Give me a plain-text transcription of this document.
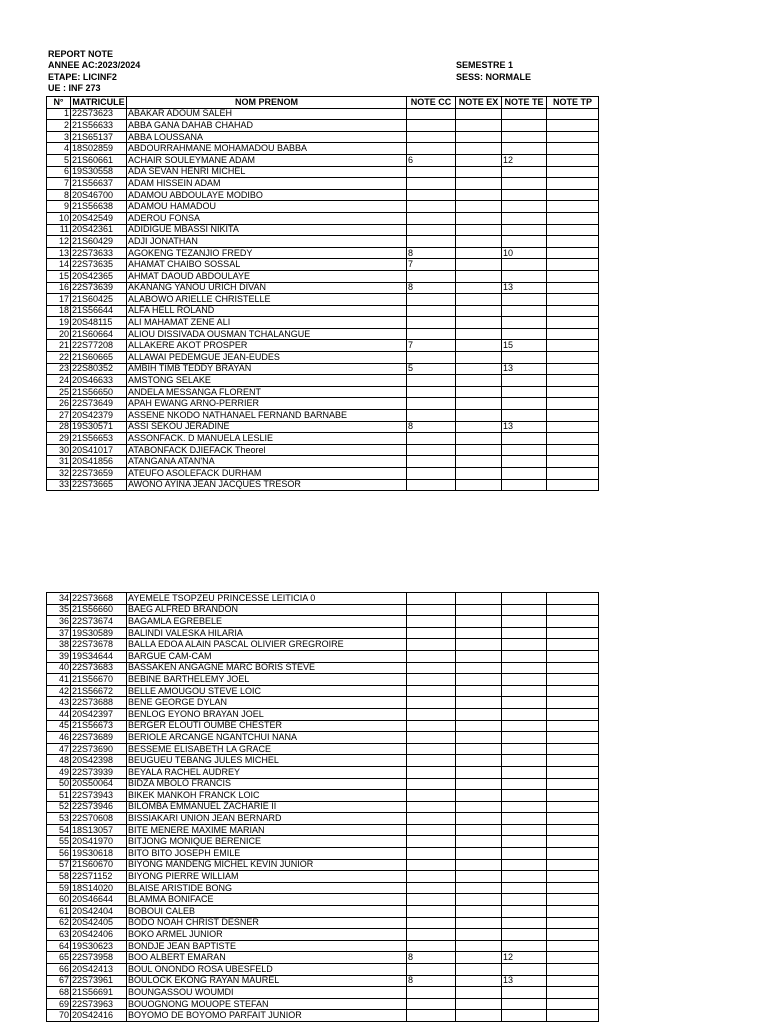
REPORT NOTE
ANNEE AC:2023/2024
ETAPE: LICINF2
UE : INF 273
SEMESTRE 1
SESS: NORMALE
N°	MATRICULE	NOM PRENOM	NOTE CC	NOTE EX	NOTE TE	NOTE TP
1	22S73623	ABAKAR ADOUM SALEH				
2	21S56633	ABBA GANA DAHAB CHAHAD				
3	21S65137	ABBA LOUSSANA				
4	18S02859	ABDOURRAHMANE MOHAMADOU BABBA				
5	21S60661	ACHAIR SOULEYMANE ADAM	6		12	
6	19S30558	ADA SEVAN HENRI MICHEL				
7	21S56637	ADAM HISSEIN ADAM				
8	20S46700	ADAMOU ABDOULAYE MODIBO				
9	21S56638	ADAMOU HAMADOU				
10	20S42549	ADEROU FONSA				
11	20S42361	ADIDIGUE MBASSI NIKITA				
12	21S60429	ADJI JONATHAN				
13	22S73633	AGOKENG TEZANJIO FREDY	8		10	
14	22S73635	AHAMAT CHAIBO SOSSAL	7			
15	20S42365	AHMAT DAOUD ABDOULAYE				
16	22S73639	AKANANG YANOU URICH DIVAN	8		13	
17	21S60425	ALABOWO ARIELLE CHRISTELLE				
18	21S56644	ALFA HELL ROLAND				
19	20S48115	ALI MAHAMAT ZENE ALI				
20	21S60664	ALIOU DISSIVADA OUSMAN TCHALANGUE				
21	22S77208	ALLAKERE AKOT PROSPER	7		15	
22	21S60665	ALLAWAI PEDEMGUE JEAN-EUDES				
23	22S80352	AMBIH TIMB TEDDY BRAYAN	5		13	
24	20S46633	AMSTONG SELAKE				
25	21S56650	ANDELA MESSANGA FLORENT				
26	22S73649	APAH EWANG ARNO-PERRIER				
27	20S42379	ASSENE NKODO NATHANAEL FERNAND BARNABE				
28	19S30571	ASSI SEKOU JERADINE	8		13	
29	21S56653	ASSONFACK. D MANUELA LESLIE				
30	20S41017	ATABONFACK DJIEFACK Theorel				
31	20S41856	ATANGANA ATAN'NA				
32	22S73659	ATEUFO ASOLEFACK DURHAM				
33	22S73665	AWONO AYINA JEAN JACQUES TRESOR				
34	22S73668	AYEMELE TSOPZEU PRINCESSE LEITICIA 0				
35	21S56660	BAEG ALFRED BRANDON				
36	22S73674	BAGAMLA EGREBELE				
37	19S30589	BALINDI VALESKA HILARIA				
38	22S73678	BALLA EDOA ALAIN PASCAL OLIVIER GREGROIRE				
39	19S34644	BARGUE CAM-CAM				
40	22S73683	BASSAKEN ANGAGNE MARC BORIS STEVE				
41	21S56670	BEBINE BARTHELEMY JOEL				
42	21S56672	BELLE AMOUGOU STEVE LOIC				
43	22S73688	BENE GEORGE DYLAN				
44	20S42397	BENLOG EYONO BRAYAN JOEL				
45	21S56673	BERGER ELOUTI OUMBE CHESTER				
46	22S73689	BERIOLE ARCANGE NGANTCHUI NANA				
47	22S73690	BESSEME ELISABETH LA GRACE				
48	20S42398	BEUGUEU TEBANG JULES MICHEL				
49	22S73939	BEYALA RACHEL AUDREY				
50	20S50064	BIDZA MBOLO FRANCIS				
51	22S73943	BIKEK MANKOH FRANCK LOIC				
52	22S73946	BILOMBA EMMANUEL ZACHARIE II				
53	22S70608	BISSIAKARI UNION JEAN BERNARD				
54	18S13057	BITE MENERE MAXIME MARIAN				
55	20S41970	BITJONG MONIQUE BERENICE				
56	19S30618	BITO BITO JOSEPH EMILE				
57	21S60670	BIYONG MANDENG MICHEL KEVIN JUNIOR				
58	22S71152	BIYONG PIERRE WILLIAM				
59	18S14020	BLAISE ARISTIDE BONG				
60	20S46644	BLAMMA BONIFACE				
61	20S42404	BOBOUI CALEB				
62	20S42405	BODO NOAH CHRIST DESNER				
63	20S42406	BOKO ARMEL JUNIOR				
64	19S30623	BONDJE JEAN BAPTISTE				
65	22S73958	BOO ALBERT EMARAN	8		12	
66	20S42413	BOUL ONONDO ROSA UBESFELD				
67	22S73961	BOULOCK EKONG RAYAN MAUREL	8		13	
68	21S56691	BOUNGASSOU WOUMDI				
69	22S73963	BOUOGNONG MOUOPE STEFAN				
70	20S42416	BOYOMO DE BOYOMO PARFAIT JUNIOR				
